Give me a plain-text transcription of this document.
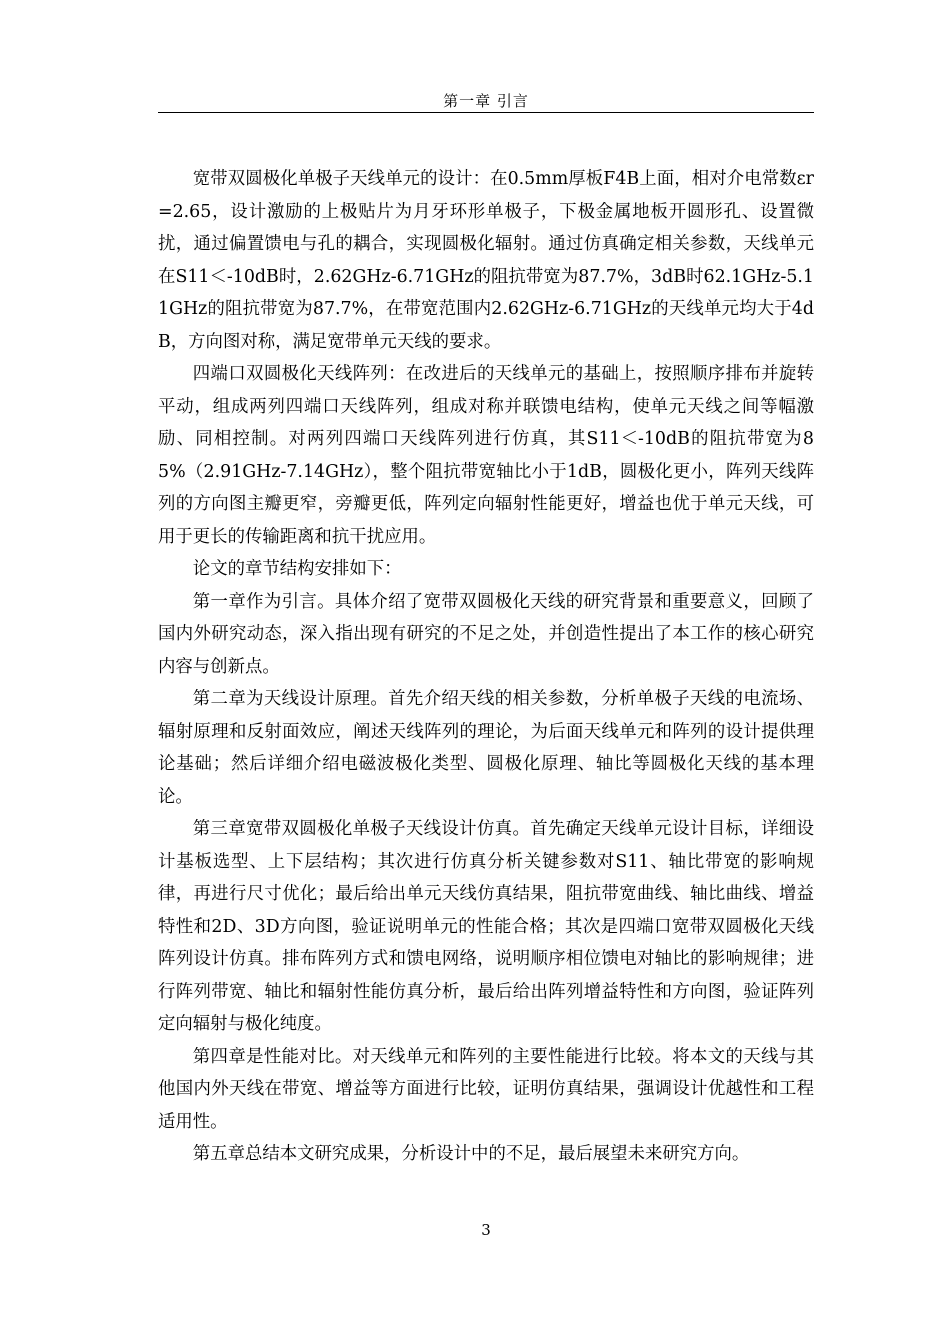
第一章 引言

宽带双圆极化单极子天线单元的设计：在0.5mm厚板F4B上面，相对介电常数εr=2.65，设计激励的上极贴片为月牙环形单极子，下极金属地板开圆形孔、设置微扰，通过偏置馈电与孔的耦合，实现圆极化辐射。通过仿真确定相关参数，天线单元在S11＜-10dB时，2.62GHz-6.71GHz的阻抗带宽为87.7%，3dB时62.1GHz-5.11GHz的阻抗带宽为87.7%，在带宽范围内2.62GHz-6.71GHz的天线单元均大于4dB，方向图对称，满足宽带单元天线的要求。

四端口双圆极化天线阵列：在改进后的天线单元的基础上，按照顺序排布并旋转平动，组成两列四端口天线阵列，组成对称并联馈电结构，使单元天线之间等幅激励、同相控制。对两列四端口天线阵列进行仿真，其S11＜-10dB的阻抗带宽为85%（2.91GHz-7.14GHz），整个阻抗带宽轴比小于1dB，圆极化更小，阵列天线阵列的方向图主瓣更窄，旁瓣更低，阵列定向辐射性能更好，增益也优于单元天线，可用于更长的传输距离和抗干扰应用。

论文的章节结构安排如下：

第一章作为引言。具体介绍了宽带双圆极化天线的研究背景和重要意义，回顾了国内外研究动态，深入指出现有研究的不足之处，并创造性提出了本工作的核心研究内容与创新点。

第二章为天线设计原理。首先介绍天线的相关参数，分析单极子天线的电流场、辐射原理和反射面效应，阐述天线阵列的理论，为后面天线单元和阵列的设计提供理论基础；然后详细介绍电磁波极化类型、圆极化原理、轴比等圆极化天线的基本理论。

第三章宽带双圆极化单极子天线设计仿真。首先确定天线单元设计目标，详细设计基板选型、上下层结构；其次进行仿真分析关键参数对S11、轴比带宽的影响规律，再进行尺寸优化；最后给出单元天线仿真结果，阻抗带宽曲线、轴比曲线、增益特性和2D、3D方向图，验证说明单元的性能合格；其次是四端口宽带双圆极化天线阵列设计仿真。排布阵列方式和馈电网络，说明顺序相位馈电对轴比的影响规律；进行阵列带宽、轴比和辐射性能仿真分析，最后给出阵列增益特性和方向图，验证阵列定向辐射与极化纯度。

第四章是性能对比。对天线单元和阵列的主要性能进行比较。将本文的天线与其他国内外天线在带宽、增益等方面进行比较，证明仿真结果，强调设计优越性和工程适用性。

第五章总结本文研究成果，分析设计中的不足，最后展望未来研究方向。

3
